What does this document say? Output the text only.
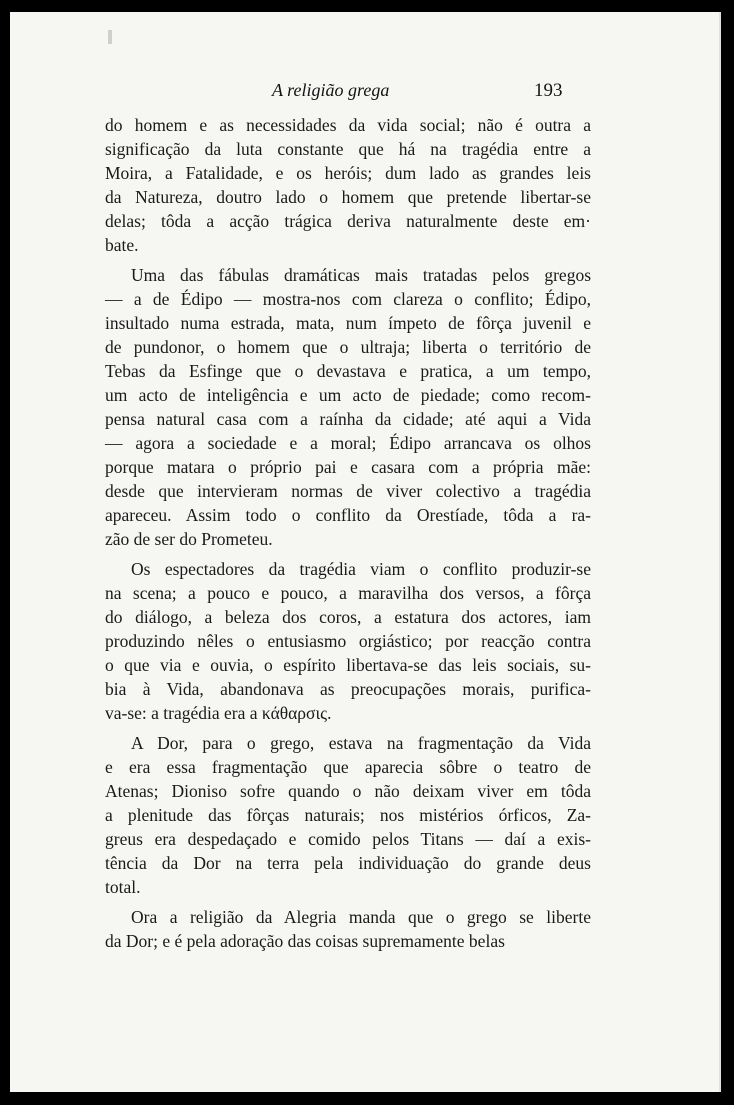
A religião grega	193
do homem e as necessidades da vida social; não é outra a
significação da luta constante que há na tragédia entre a
Moira, a Fatalidade, e os heróis; dum lado as grandes leis
da Natureza, doutro lado o homem que pretende libertar-se
delas; tôda a acção trágica deriva naturalmente deste em·
bate.
Uma das fábulas dramáticas mais tratadas pelos gregos
— a de Édipo — mostra-nos com clareza o conflito; Édipo,
insultado numa estrada, mata, num ímpeto de fôrça juvenil e
de pundonor, o homem que o ultraja; liberta o território de
Tebas da Esfinge que o devastava e pratica, a um tempo,
um acto de inteligência e um acto de piedade; como recom-
pensa natural casa com a raínha da cidade; até aqui a Vida
— agora a sociedade e a moral; Édipo arrancava os olhos
porque matara o próprio pai e casara com a própria mãe:
desde que intervieram normas de viver colectivo a tragédia
apareceu. Assim todo o conflito da Orestíade, tôda a ra-
zão de ser do Prometeu.
Os espectadores da tragédia viam o conflito produzir-se
na scena; a pouco e pouco, a maravilha dos versos, a fôrça
do diálogo, a beleza dos coros, a estatura dos actores, iam
produzindo nêles o entusiasmo orgiástico; por reacção contra
o que via e ouvia, o espírito libertava-se das leis sociais, su-
bia à Vida, abandonava as preocupações morais, purifica-
va-se: a tragédia era a κάθαρσις.
A Dor, para o grego, estava na fragmentação da Vida
e era essa fragmentação que aparecia sôbre o teatro de
Atenas; Dioniso sofre quando o não deixam viver em tôda
a plenitude das fôrças naturais; nos mistérios órficos, Za-
greus era despedaçado e comido pelos Titans — daí a exis-
tência da Dor na terra pela individuação do grande deus
total.
Ora a religião da Alegria manda que o grego se liberte
da Dor; e é pela adoração das coisas supremamente belas
